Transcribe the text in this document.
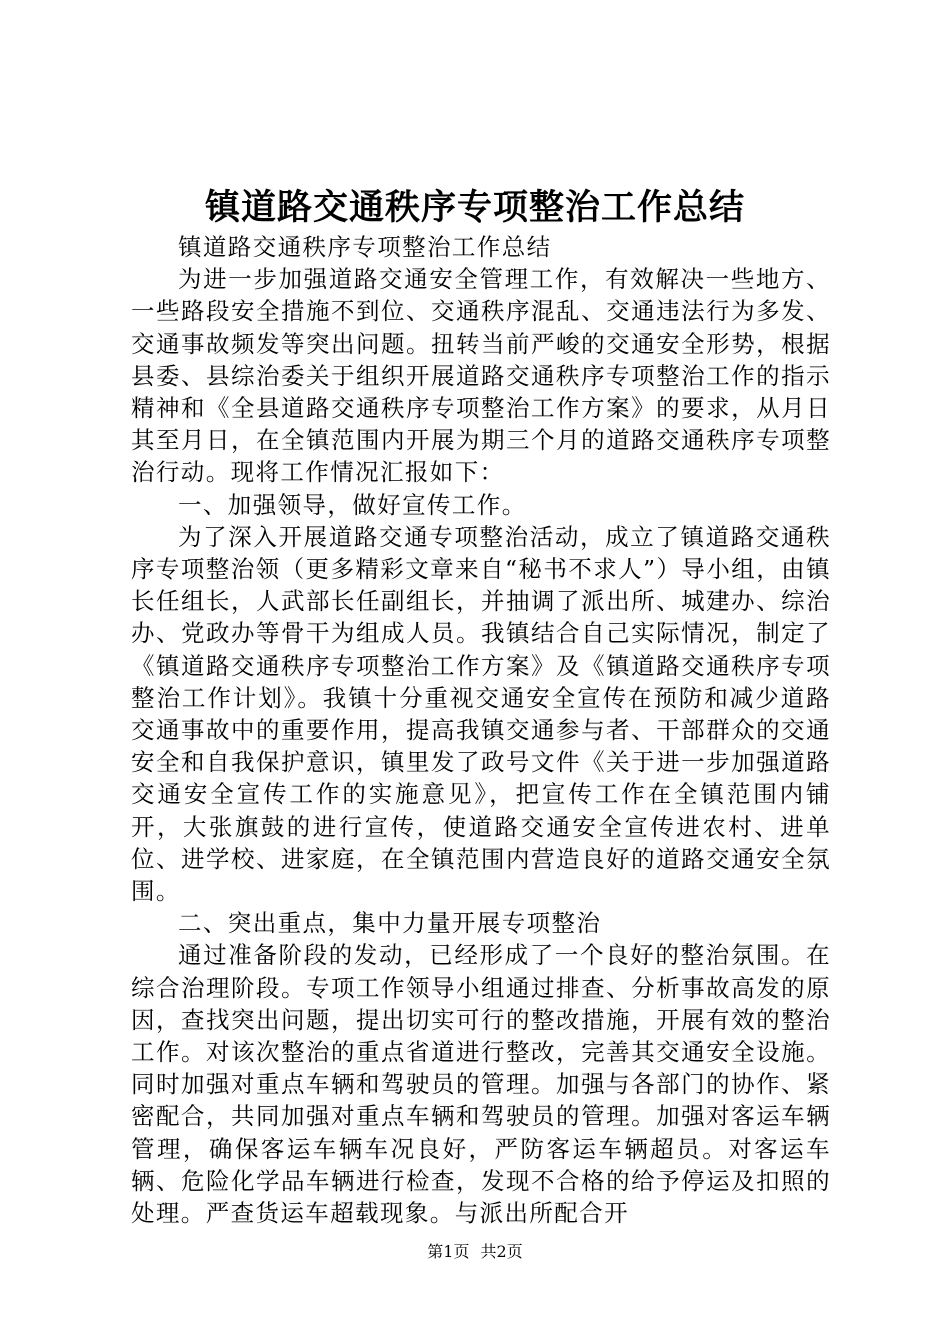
镇道路交通秩序专项整治工作总结

镇道路交通秩序专项整治工作总结

为进一步加强道路交通安全管理工作，有效解决一些地方、一些路段安全措施不到位、交通秩序混乱、交通违法行为多发、交通事故频发等突出问题。扭转当前严峻的交通安全形势，根据县委、县综治委关于组织开展道路交通秩序专项整治工作的指示精神和《全县道路交通秩序专项整治工作方案》的要求，从月日其至月日，在全镇范围内开展为期三个月的道路交通秩序专项整治行动。现将工作情况汇报如下：

一、加强领导，做好宣传工作。

为了深入开展道路交通专项整治活动，成立了镇道路交通秩序专项整治领（更多精彩文章来自“秘书不求人”）导小组，由镇长任组长，人武部长任副组长，并抽调了派出所、城建办、综治办、党政办等骨干为组成人员。我镇结合自己实际情况，制定了《镇道路交通秩序专项整治工作方案》及《镇道路交通秩序专项整治工作计划》。我镇十分重视交通安全宣传在预防和减少道路交通事故中的重要作用，提高我镇交通参与者、干部群众的交通安全和自我保护意识，镇里发了政号文件《关于进一步加强道路交通安全宣传工作的实施意见》，把宣传工作在全镇范围内铺开，大张旗鼓的进行宣传，使道路交通安全宣传进农村、进单位、进学校、进家庭，在全镇范围内营造良好的道路交通安全氛围。

二、突出重点，集中力量开展专项整治

通过准备阶段的发动，已经形成了一个良好的整治氛围。在综合治理阶段。专项工作领导小组通过排查、分析事故高发的原因，查找突出问题，提出切实可行的整改措施，开展有效的整治工作。对该次整治的重点省道进行整改，完善其交通安全设施。同时加强对重点车辆和驾驶员的管理。加强与各部门的协作、紧密配合，共同加强对重点车辆和驾驶员的管理。加强对客运车辆管理，确保客运车辆车况良好，严防客运车辆超员。对客运车辆、危险化学品车辆进行检查，发现不合格的给予停运及扣照的处理。严查货运车超载现象。与派出所配合开

第1页 共2页
